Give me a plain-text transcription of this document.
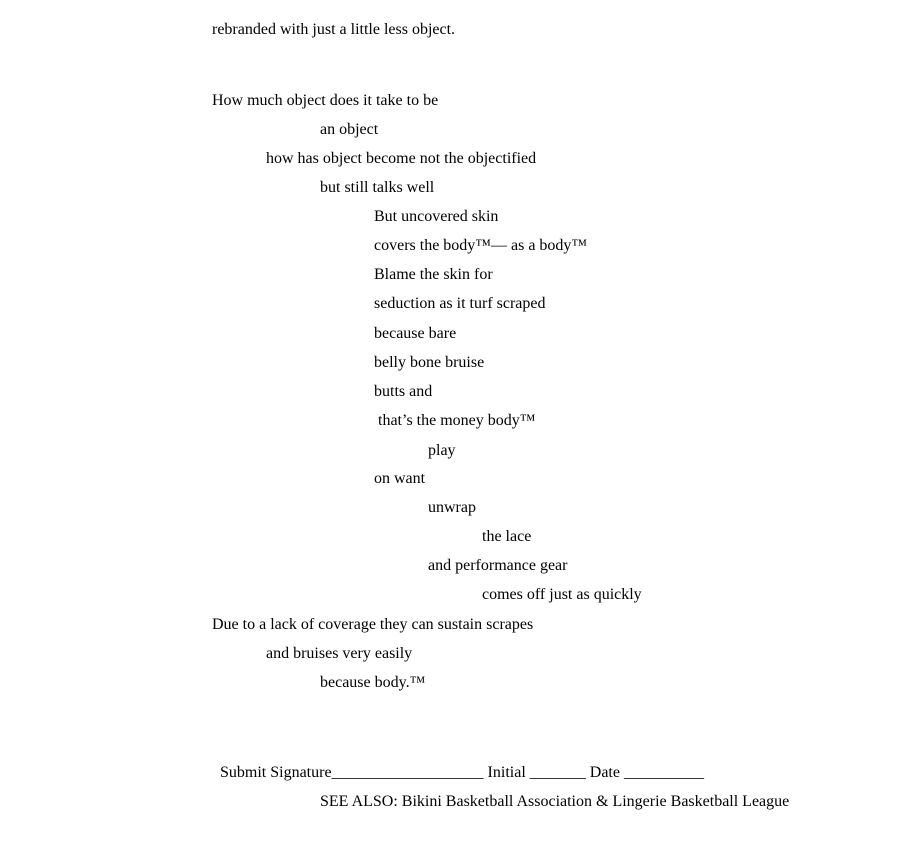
rebranded with just a little less object.
How much object does it take to be
an object
how has object become not the objectified
but still talks well
But uncovered skin
covers the body™— as a body™
Blame the skin for
seduction as it turf scraped
because bare
belly bone bruise
butts and
that’s the money body™
play
on want
unwrap
the lace
and performance gear
comes off just as quickly
Due to a lack of coverage they can sustain scrapes
and bruises very easily
because body.™
Submit Signature___________________ Initial _______ Date __________
SEE ALSO: Bikini Basketball Association & Lingerie Basketball League
